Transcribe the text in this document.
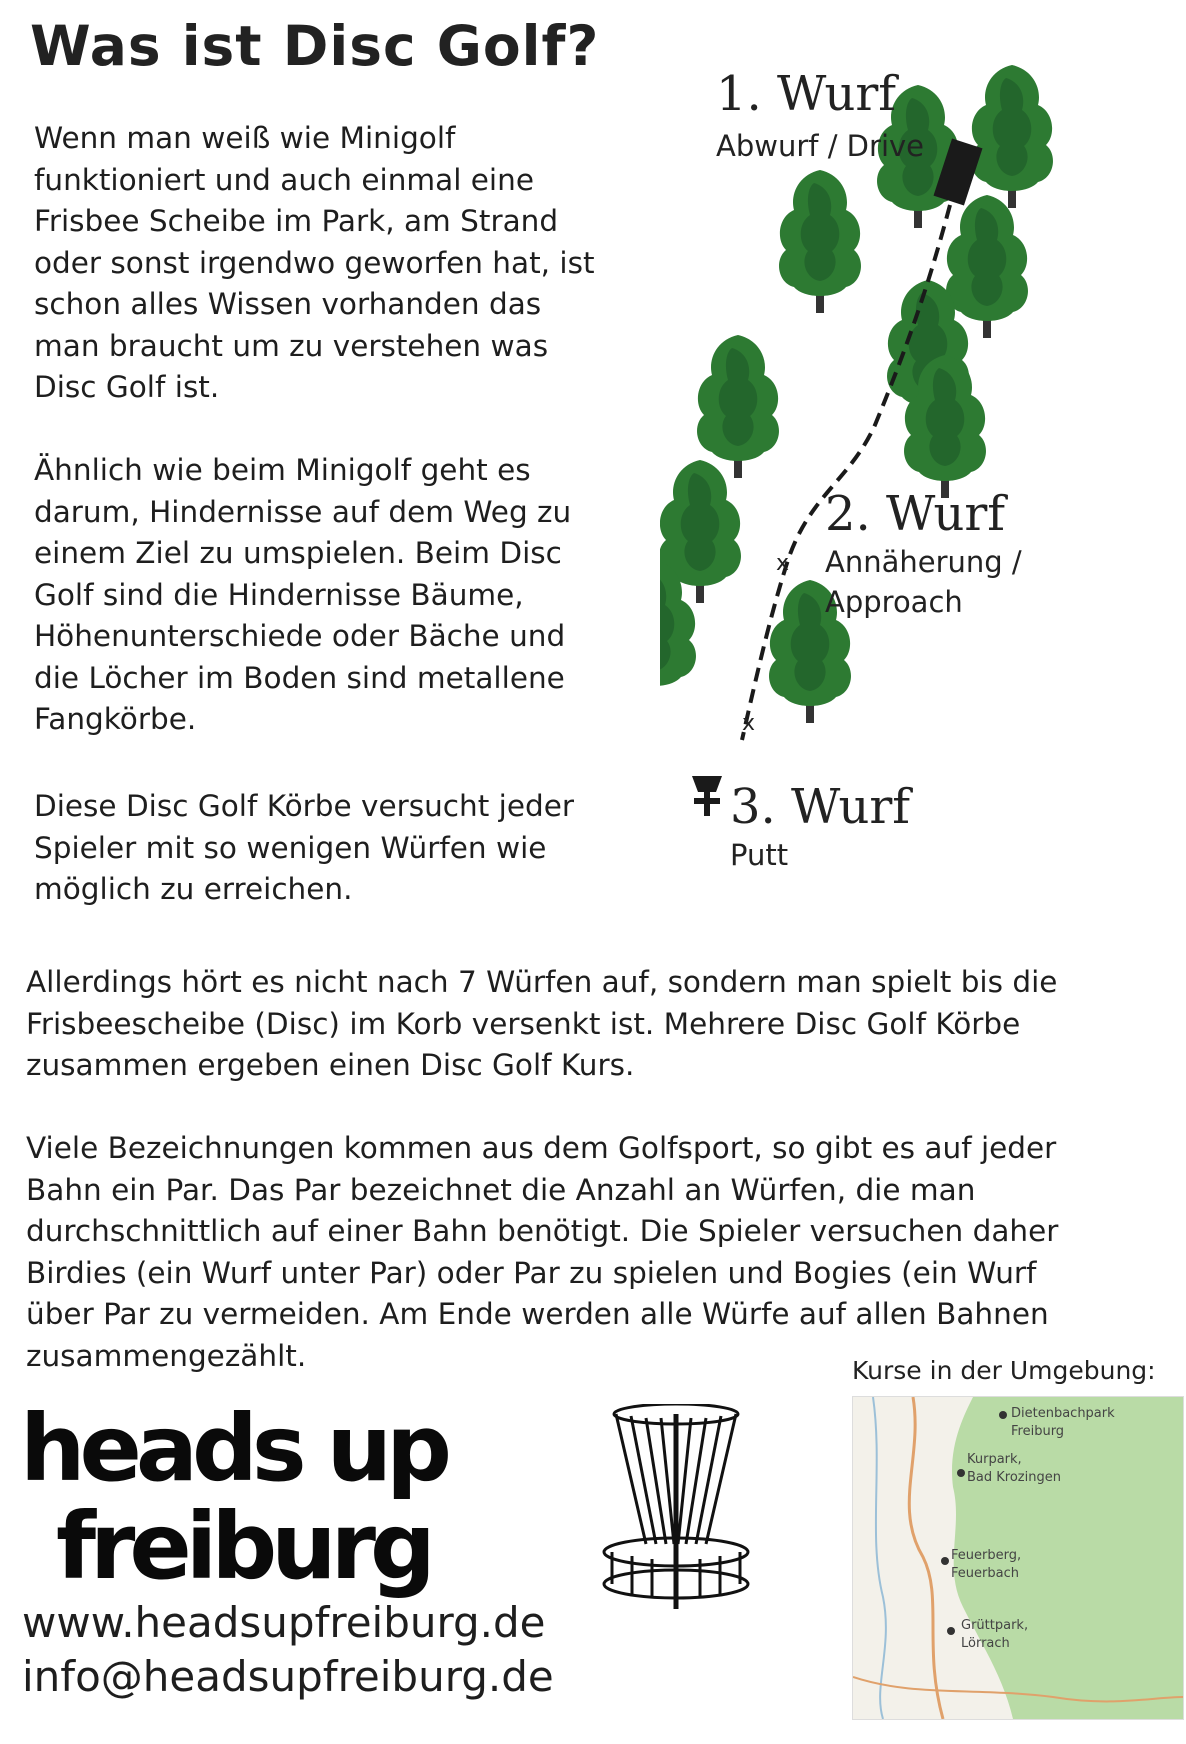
Was ist Disc Golf?

Wenn man weiß wie Minigolf
funktioniert und auch einmal eine
Frisbee Scheibe im Park, am Strand
oder sonst irgendwo geworfen hat, ist
schon alles Wissen vorhanden das
man braucht um zu verstehen was
Disc Golf ist.

Ähnlich wie beim Minigolf geht es
darum, Hindernisse auf dem Weg zu
einem Ziel zu umspielen. Beim Disc
Golf sind die Hindernisse Bäume,
Höhenunterschiede oder Bäche und
die Löcher im Boden sind metallene
Fangkörbe.

Diese Disc Golf Körbe versucht jeder
Spieler mit so wenigen Würfen wie
möglich zu erreichen.

Allerdings hört es nicht nach 7 Würfen auf, sondern man spielt bis die
Frisbeescheibe (Disc) im Korb versenkt ist. Mehrere Disc Golf Körbe
zusammen ergeben einen Disc Golf Kurs.

Viele Bezeichnungen kommen aus dem Golfsport, so gibt es auf jeder
Bahn ein Par. Das Par bezeichnet die Anzahl an Würfen, die man
durchschnittlich auf einer Bahn benötigt. Die Spieler versuchen daher
Birdies (ein Wurf unter Par) oder Par zu spielen und Bogies (ein Wurf
über Par zu vermeiden. Am Ende werden alle Würfe auf allen Bahnen
zusammengezählt.

x
x
1. Wurf
Abwurf / Drive
2. Wurf
Annäherung /
Approach
3. Wurf
Putt
heads up
freiburg
www.headsupfreiburg.de
info@headsupfreiburg.de
Kurse in der Umgebung:
Dietenbachpark
Freiburg
Kurpark,
Bad Krozingen
Feuerberg,
Feuerbach
Grüttpark,
Lörrach
